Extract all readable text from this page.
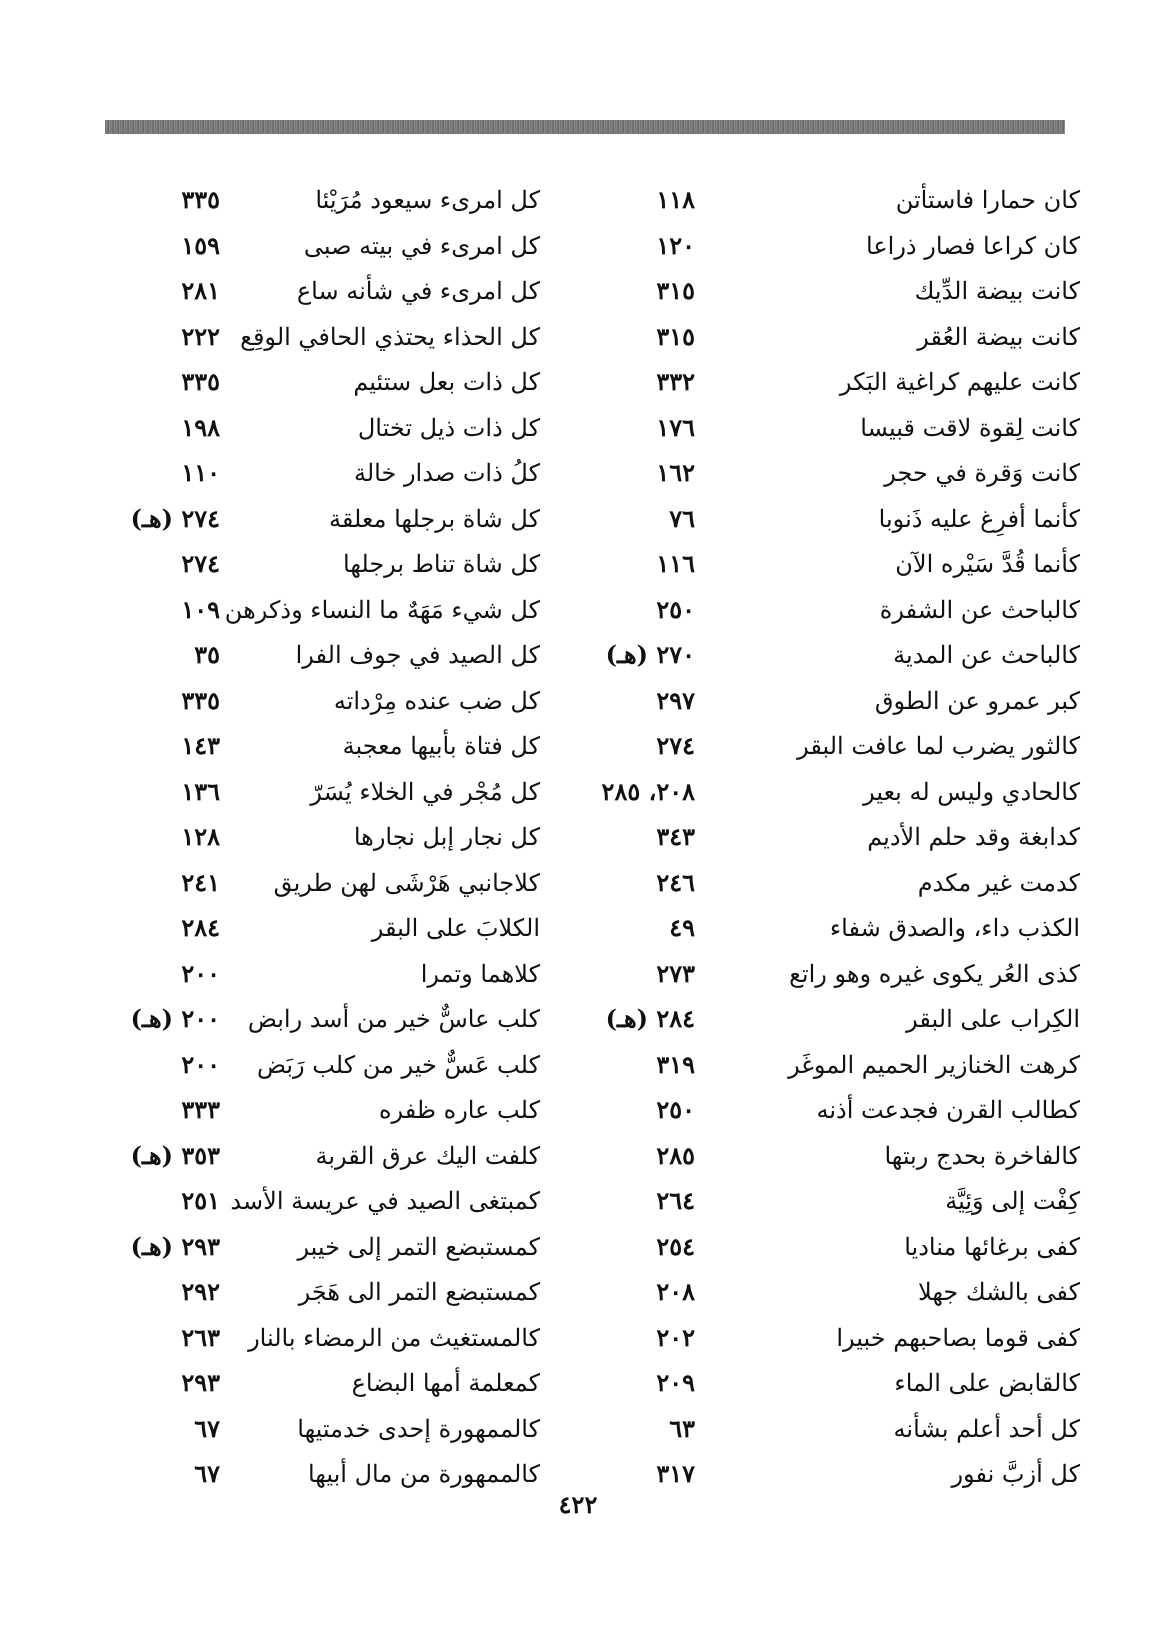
كان حمارا فاستأتن
١١٨
كان كراعا فصار ذراعا
١٢٠
كانت بيضة الدِّيك
٣١٥
كانت بيضة العُقر
٣١٥
كانت عليهم كراغية البَكر
٣٣٢
كانت لِقوة لاقت قبيسا
١٧٦
كانت وَقرة في حجر
١٦٢
كأنما أفرِغ عليه ذَنوبا
٧٦
كأنما قُدَّ سَيْره الآن
١١٦
كالباحث عن الشفرة
٢٥٠
كالباحث عن المدية
٢٧٠ (هـ)
كبر عمرو عن الطوق
٢٩٧
كالثور يضرب لما عافت البقر
٢٧٤
كالحادي وليس له بعير
٢٠٨، ٢٨٥
كدابغة وقد حلم الأديم
٣٤٣
كدمت غير مكدم
٢٤٦
الكذب داء، والصدق شفاء
٤٩
كذى العُر يكوى غيره وهو راتع
٢٧٣
الكِراب على البقر
٢٨٤ (هـ)
كرهت الخنازير الحميم الموغَر
٣١٩
كطالب القرن فجدعت أذنه
٢٥٠
كالفاخرة بحدج ربتها
٢٨٥
كِفْت إلى وَئِيَّة
٢٦٤
كفى برغائها مناديا
٢٥٤
كفى بالشك جهلا
٢٠٨
كفى قوما بصاحبهم خبيرا
٢٠٢
كالقابض على الماء
٢٠٩
كل أحد أعلم بشأنه
٦٣
كل أزبَّ نفور
٣١٧
كل امرىء سيعود مُرَيْئا
٣٣٥
كل امرىء في بيته صبى
١٥٩
كل امرىء في شأنه ساع
٢٨١
كل الحذاء يحتذي الحافي الوقِع
٢٢٢
كل ذات بعل ستئيم
٣٣٥
كل ذات ذيل تختال
١٩٨
كلُ ذات صدار خالة
١١٠
كل شاة برجلها معلقة
٢٧٤ (هـ)
كل شاة تناط برجلها
٢٧٤
كل شيء مَهَهٌ ما النساء وذكرهن
١٠٩
كل الصيد في جوف الفرا
٣٥
كل ضب عنده مِرْداته
٣٣٥
كل فتاة بأبيها معجبة
١٤٣
كل مُجْر في الخلاء يُسَرّ
١٣٦
كل نجار إبل نجارها
١٢٨
كلاجانبي هَرْشَى لهن طريق
٢٤١
الكلابَ على البقر
٢٨٤
كلاهما وتمرا
٢٠٠
كلب عاسٌّ خير من أسد رابض
٢٠٠ (هـ)
كلب عَسٌّ خير من كلب رَبَض
٢٠٠
كلب عاره ظفره
٣٣٣
كلفت اليك عرق القربة
٣٥٣ (هـ)
كمبتغى الصيد في عريسة الأسد
٢٥١
كمستبضع التمر إلى خيبر
٢٩٣ (هـ)
كمستبضع التمر الى هَجَر
٢٩٢
كالمستغيث من الرمضاء بالنار
٢٦٣
كمعلمة أمها البضاع
٢٩٣
كالممهورة إحدى خدمتيها
٦٧
كالممهورة من مال أبيها
٦٧
٤٢٢
